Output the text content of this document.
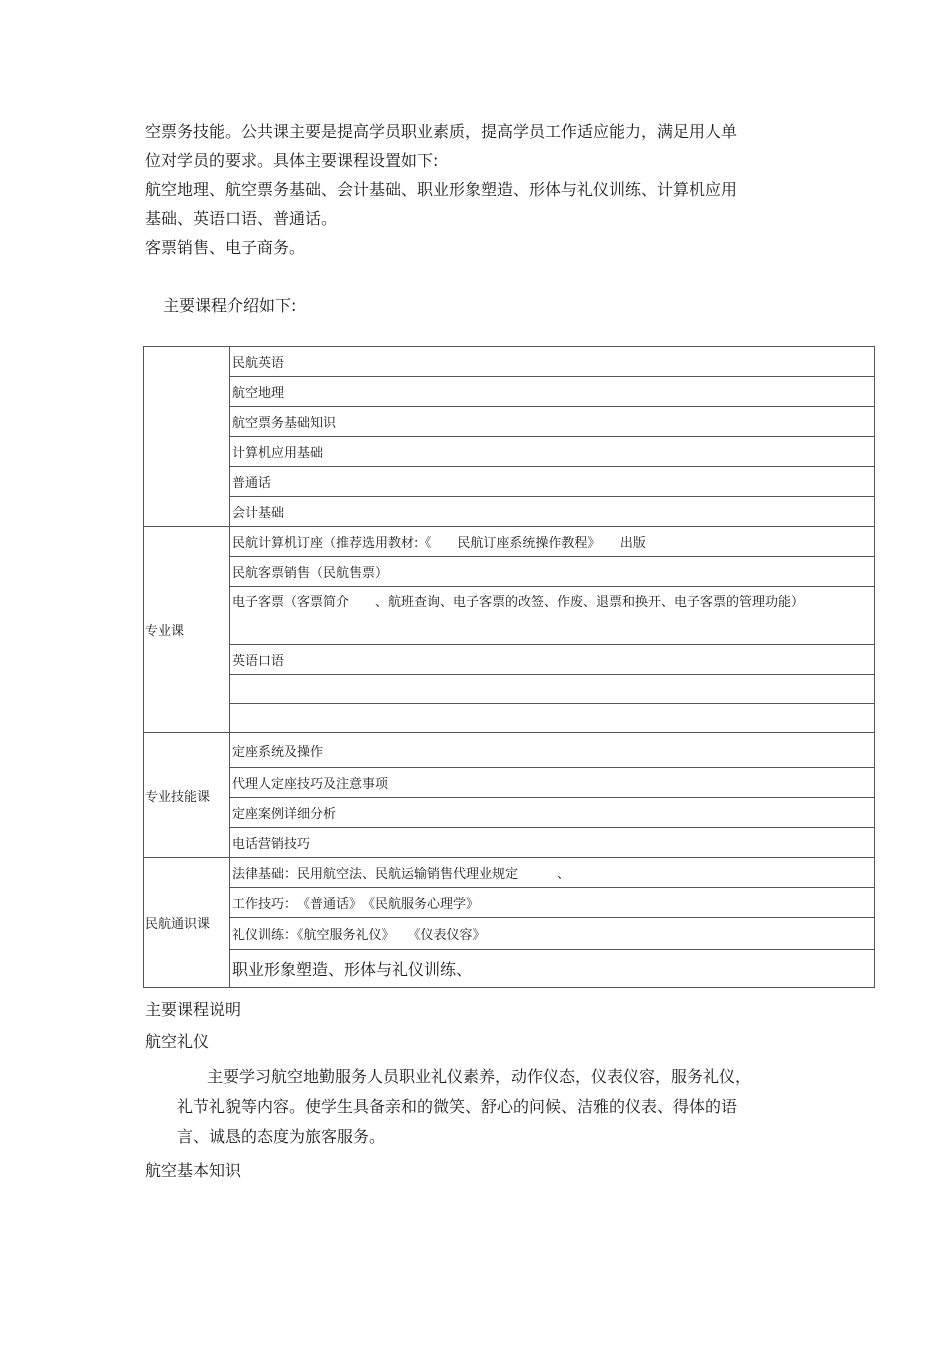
空票务技能。公共课主要是提高学员职业素质，提高学员工作适应能力，满足用人单
位对学员的要求。具体主要课程设置如下:
航空地理、航空票务基础、会计基础、职业形象塑造、形体与礼仪训练、计算机应用
基础、英语口语、普通话。
客票销售、电子商务。
主要课程介绍如下:
民航英语
航空地理
航空票务基础知识
计算机应用基础
普通话
会计基础
专业课
民航计算机订座（推荐选用教材:《　　民航订座系统操作教程》　　出版
民航客票销售（民航售票）
电子客票（客票简介　　、航班查询、电子客票的改签、作废、退票和换开、电子客票的管理功能）
英语口语
专业技能课
定座系统及操作
代理人定座技巧及注意事项
定座案例详细分析
电话营销技巧
民航通识课
法律基础：民用航空法、民航运输销售代理业规定　　　、
工作技巧：　《普通话》　《民航服务心理学》
礼仪训练：《航空服务礼仪》　　《仪表仪容》
职业形象塑造、形体与礼仪训练、
主要课程说明
航空礼仪
主要学习航空地勤服务人员职业礼仪素养，动作仪态，仪表仪容，服务礼仪，
礼节礼貌等内容。使学生具备亲和的微笑、舒心的问候、洁雅的仪表、得体的语
言、诚恳的态度为旅客服务。
航空基本知识
